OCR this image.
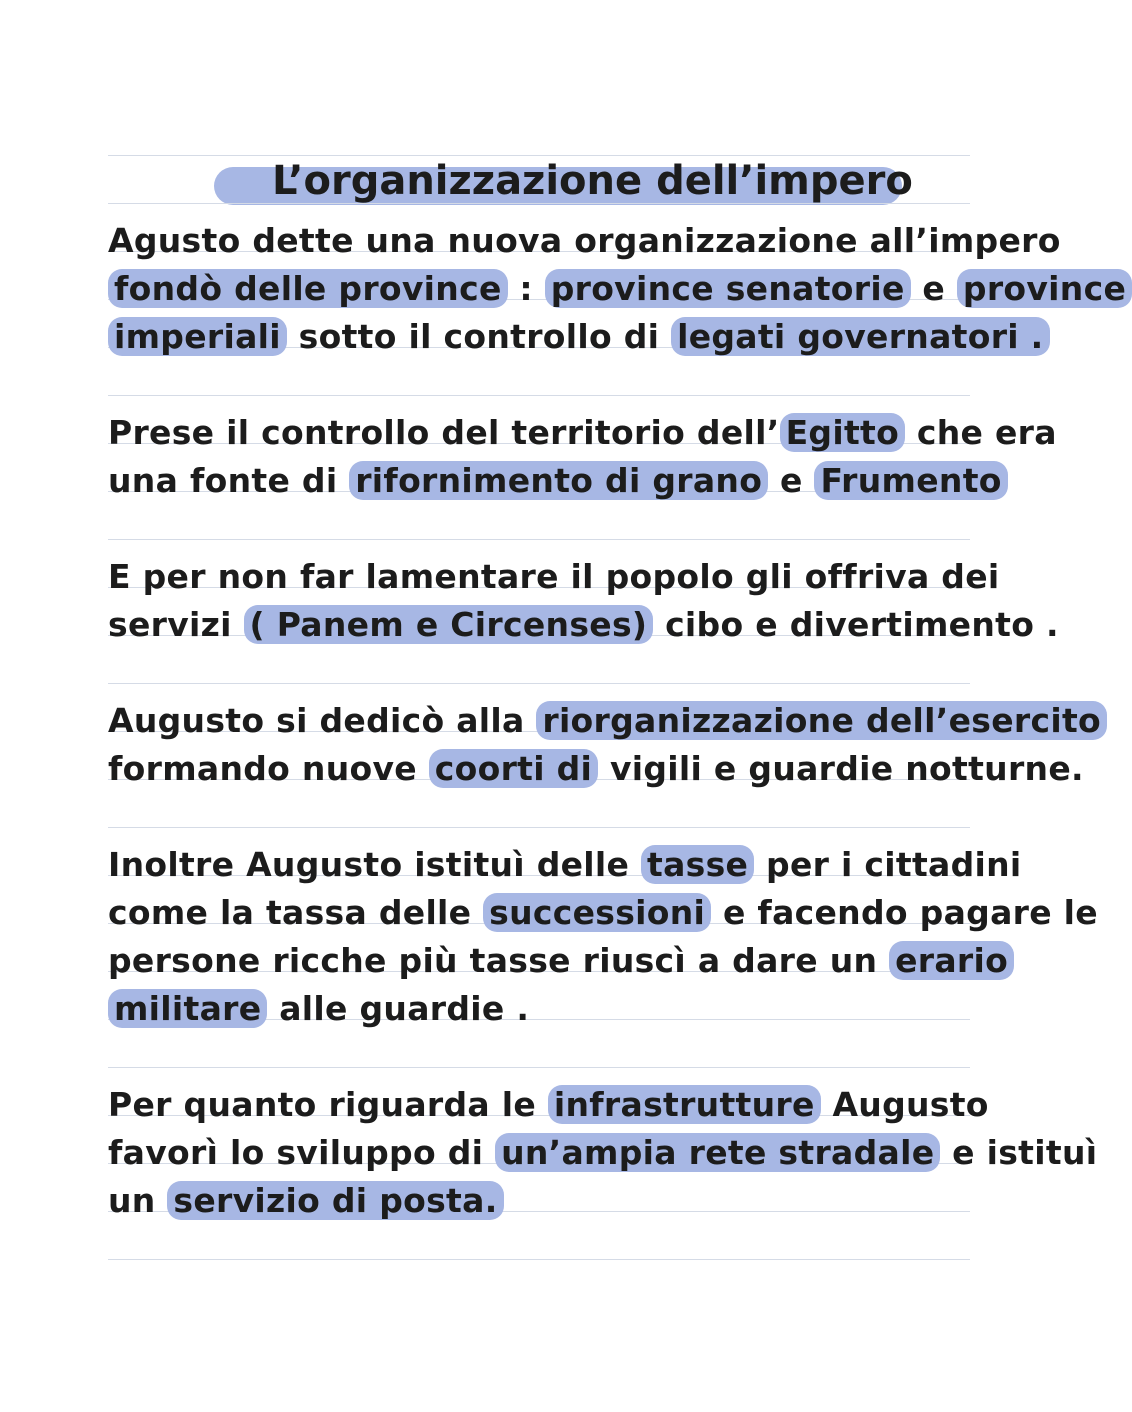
L’organizzazione dell’impero
Agusto dette una nuova organizzazione all’impero
fondò delle province : province senatorie e province
imperiali sotto il controllo di legati governatori .
Prese il controllo del territorio dell’ Egitto che era
una fonte di rifornimento di grano e Frumento
E per non far lamentare il popolo gli offriva dei
servizi ( Panem e Circenses) cibo e divertimento .
Augusto si dedicò alla riorganizzazione dell’esercito
formando nuove coorti di vigili e guardie notturne.
Inoltre Augusto istituì delle tasse per i cittadini
come la tassa delle successioni e facendo pagare le
persone ricche più tasse riuscì a dare un erario
militare alle guardie .
Per quanto riguarda le infrastrutture Augusto
favorì lo sviluppo di un’ampia rete stradale e istituì
un servizio di posta.
